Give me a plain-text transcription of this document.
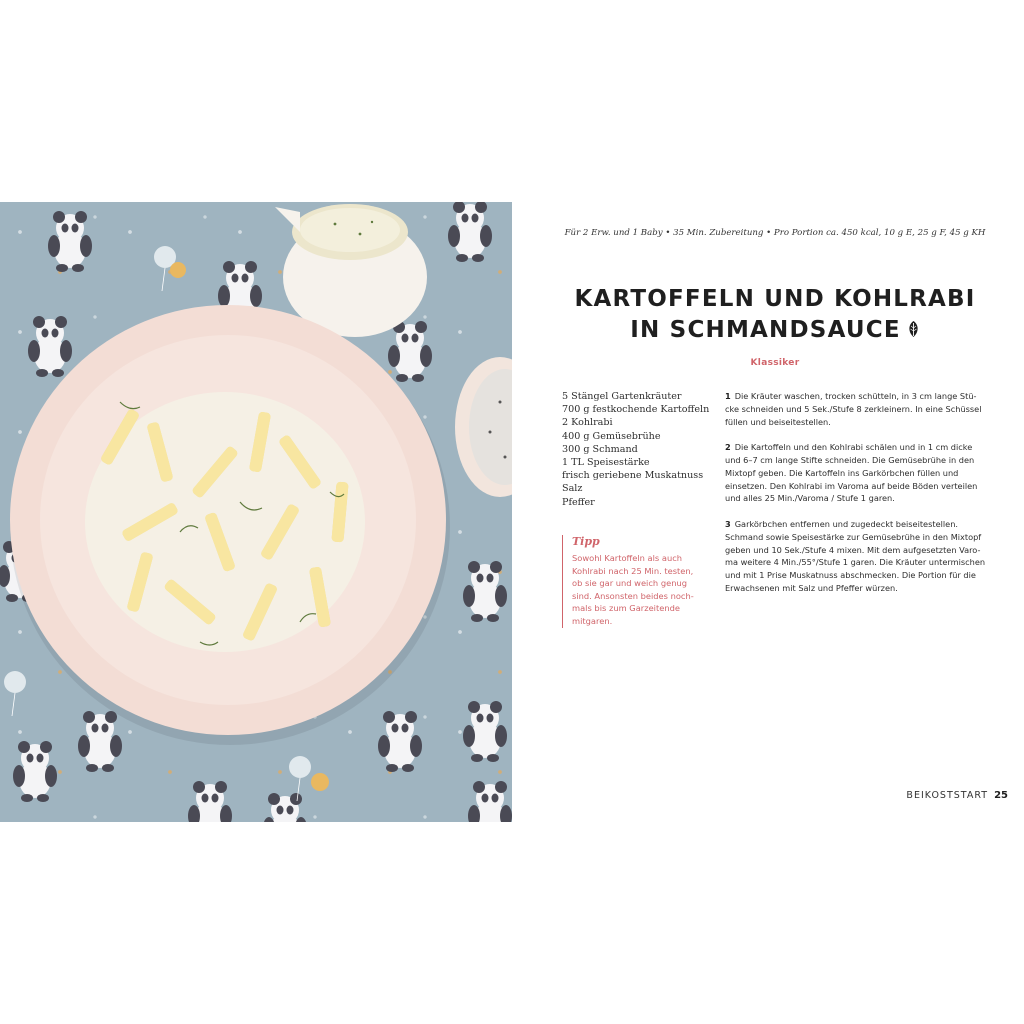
Für 2 Erw. und 1 Baby • 35 Min. Zubereitung • Pro Portion ca. 450 kcal, 10 g E, 25 g F, 45 g KH
KARTOFFELN UND KOHLRABI
IN SCHMANDSAUCE
Klassiker
5 Stängel Gartenkräuter
700 g festkochende Kartoffeln
2 Kohlrabi
400 g Gemüsebrühe
300 g Schmand
1 TL Speisestärke
frisch geriebene Muskatnuss
Salz
Pfeffer
Tipp
Sowohl Kartoffeln als auch
Kohlrabi nach 25 Min. testen,
ob sie gar und weich genug
sind. Ansonsten beides noch-
mals bis zum Garzeitende
mitgaren.
1 Die Kräuter waschen, trocken schütteln, in 3 cm lange Stü-
cke schneiden und 5 Sek./Stufe 8 zerkleinern. In eine Schüssel
füllen und beiseitestellen.
2 Die Kartoffeln und den Kohlrabi schälen und in 1 cm dicke
und 6–7 cm lange Stifte schneiden. Die Gemüsebrühe in den
Mixtopf geben. Die Kartoffeln ins Garkörbchen füllen und
einsetzen. Den Kohlrabi im Varoma auf beide Böden verteilen
und alles 25 Min./Varoma / Stufe 1 garen.
3 Garkörbchen entfernen und zugedeckt beiseitestellen.
Schmand sowie Speisestärke zur Gemüsebrühe in den Mixtopf
geben und 10 Sek./Stufe 4 mixen. Mit dem aufgesetzten Varo-
ma weitere 4 Min./55°/Stufe 1 garen. Die Kräuter untermischen
und mit 1 Prise Muskatnuss abschmecken. Die Portion für die
Erwachsenen mit Salz und Pfeffer würzen.
BEIKOSTSTART 25
